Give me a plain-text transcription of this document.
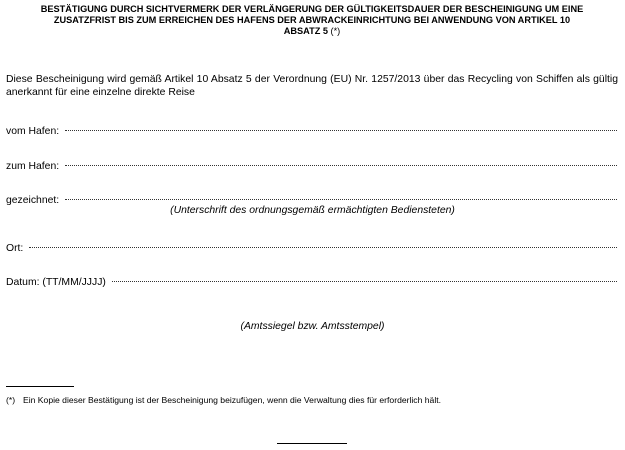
BESTÄTIGUNG DURCH SICHTVERMERK DER VERLÄNGERUNG DER GÜLTIGKEITSDAUER DER BESCHEINIGUNG UM EINE
ZUSATZFRIST BIS ZUM ERREICHEN DES HAFENS DER ABWRACKEINRICHTUNG BEI ANWENDUNG VON ARTIKEL 10
ABSATZ 5 (*)
Diese Bescheinigung wird gemäß Artikel 10 Absatz 5 der Verordnung (EU) Nr. 1257/2013 über das Recycling von Schiffen als gültig anerkannt für eine einzelne direkte Reise
vom Hafen:
zum Hafen:
gezeichnet:
(Unterschrift des ordnungsgemäß ermächtigten Bediensteten)
Ort:
Datum: (TT/MM/JJJJ)
(Amtssiegel bzw. Amtsstempel)
(*) Ein Kopie dieser Bestätigung ist der Bescheinigung beizufügen, wenn die Verwaltung dies für erforderlich hält.
